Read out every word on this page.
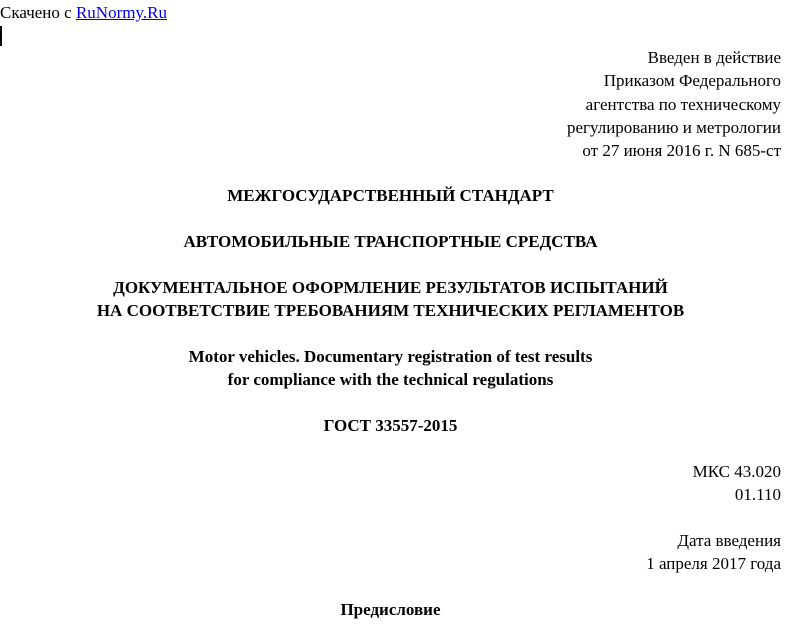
Скачено с RuNormy.Ru
Введен в действие
Приказом Федерального
агентства по техническому
регулированию и метрологии
от 27 июня 2016 г. N 685-ст
МЕЖГОСУДАРСТВЕННЫЙ СТАНДАРТ
АВТОМОБИЛЬНЫЕ ТРАНСПОРТНЫЕ СРЕДСТВА
ДОКУМЕНТАЛЬНОЕ ОФОРМЛЕНИЕ РЕЗУЛЬТАТОВ ИСПЫТАНИЙ
НА СООТВЕТСТВИЕ ТРЕБОВАНИЯМ ТЕХНИЧЕСКИХ РЕГЛАМЕНТОВ
Motor vehicles. Documentary registration of test results
for compliance with the technical regulations
ГОСТ 33557-2015
МКС 43.020
01.110
Дата введения
1 апреля 2017 года
Предисловие
